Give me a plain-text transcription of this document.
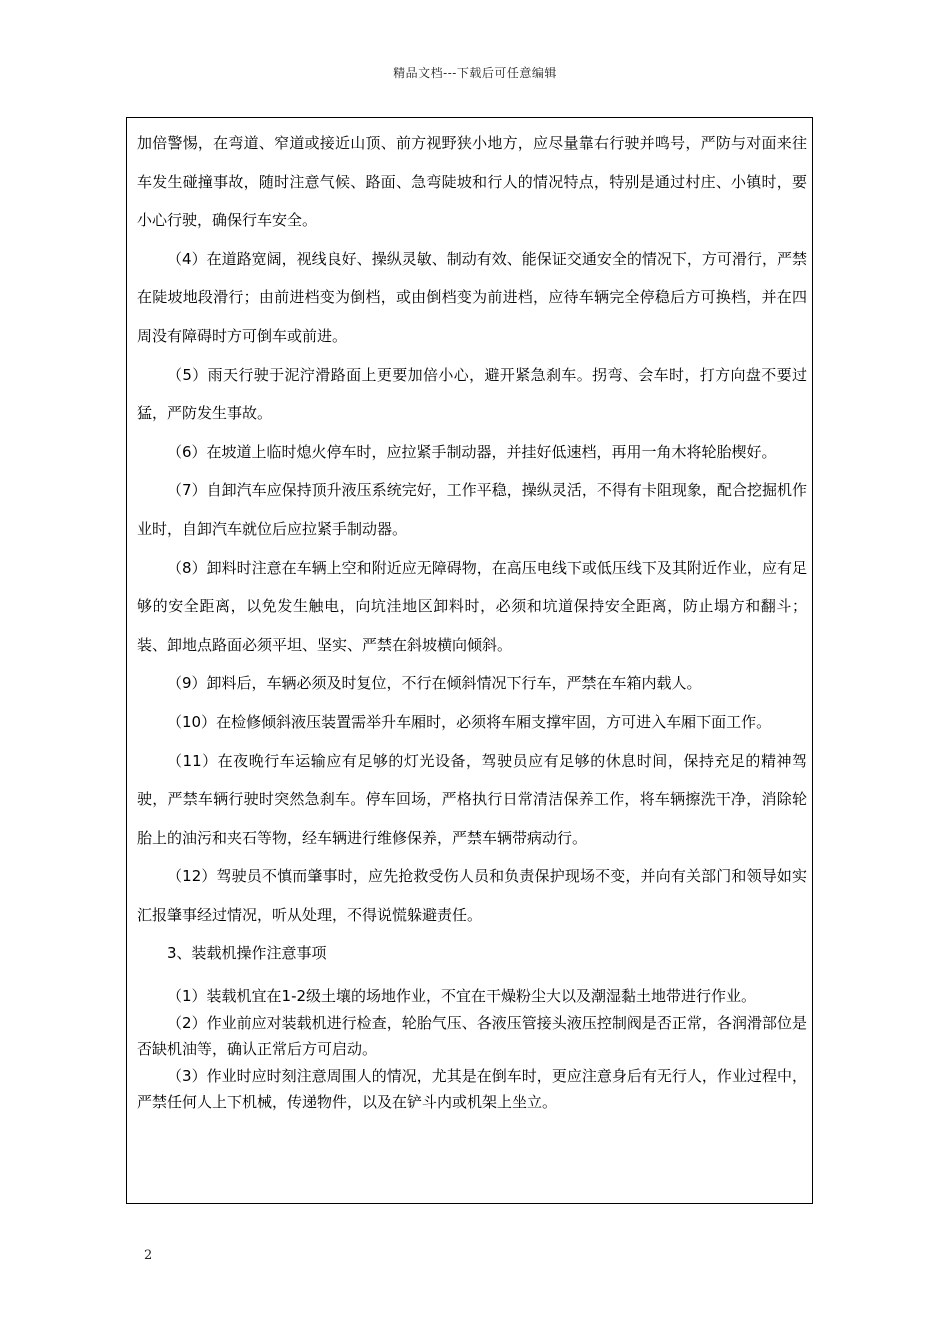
精品文档---下载后可任意编辑

加倍警惕，在弯道、窄道或接近山顶、前方视野狭小地方，应尽量靠右行驶并鸣号，严防与对面来往车发生碰撞事故，随时注意气候、路面、急弯陡坡和行人的情况特点，特别是通过村庄、小镇时，要小心行驶，确保行车安全。

（4）在道路宽阔，视线良好、操纵灵敏、制动有效、能保证交通安全的情况下，方可滑行，严禁在陡坡地段滑行；由前进档变为倒档，或由倒档变为前进档，应待车辆完全停稳后方可换档，并在四周没有障碍时方可倒车或前进。

（5）雨天行驶于泥泞滑路面上更要加倍小心，避开紧急刹车。拐弯、会车时，打方向盘不要过猛，严防发生事故。

（6）在坡道上临时熄火停车时，应拉紧手制动器，并挂好低速档，再用一角木将轮胎楔好。

（7）自卸汽车应保持顶升液压系统完好，工作平稳，操纵灵活，不得有卡阻现象，配合挖掘机作业时，自卸汽车就位后应拉紧手制动器。

（8）卸料时注意在车辆上空和附近应无障碍物，在高压电线下或低压线下及其附近作业，应有足够的安全距离，以免发生触电，向坑洼地区卸料时，必须和坑道保持安全距离，防止塌方和翻斗；装、卸地点路面必须平坦、坚实、严禁在斜坡横向倾斜。

（9）卸料后，车辆必须及时复位，不行在倾斜情况下行车，严禁在车箱内载人。

（10）在检修倾斜液压装置需举升车厢时，必须将车厢支撑牢固，方可进入车厢下面工作。

（11）在夜晚行车运输应有足够的灯光设备，驾驶员应有足够的休息时间，保持充足的精神驾驶，严禁车辆行驶时突然急刹车。停车回场，严格执行日常清洁保养工作，将车辆擦洗干净，消除轮胎上的油污和夹石等物，经车辆进行维修保养，严禁车辆带病动行。

（12）驾驶员不慎而肇事时，应先抢救受伤人员和负责保护现场不变，并向有关部门和领导如实汇报肇事经过情况，听从处理，不得说慌躲避责任。

3、装载机操作注意事项

（1）装载机宜在1-2级土壤的场地作业，不宜在干燥粉尘大以及潮湿黏土地带进行作业。

（2）作业前应对装载机进行检查，轮胎气压、各液压管接头液压控制阀是否正常，各润滑部位是否缺机油等，确认正常后方可启动。

（3）作业时应时刻注意周围人的情况，尤其是在倒车时，更应注意身后有无行人，作业过程中，严禁任何人上下机械，传递物件，以及在铲斗内或机架上坐立。

2
